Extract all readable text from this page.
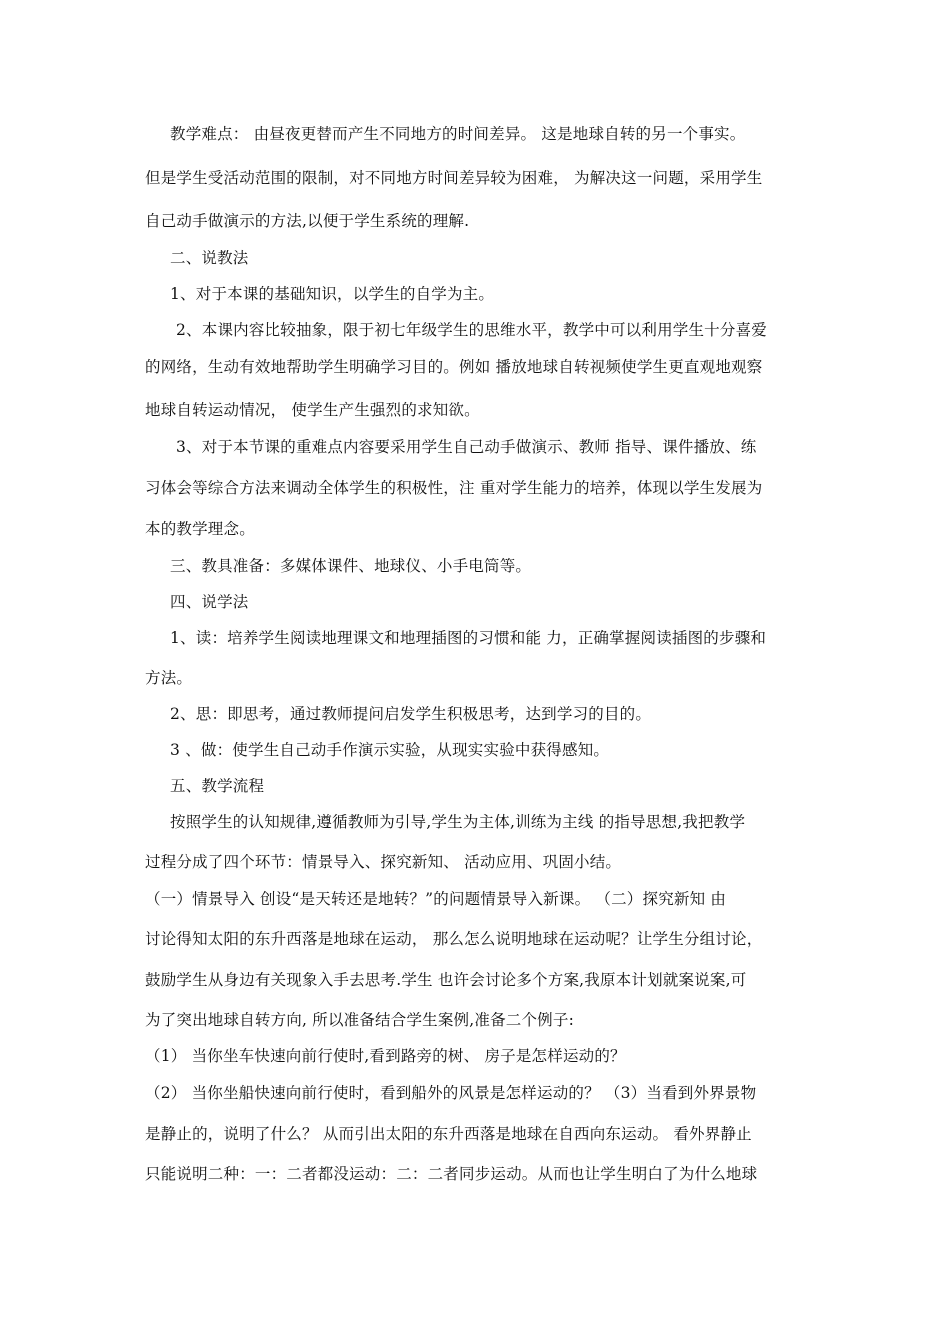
教学难点： 由昼夜更替而产生不同地方的时间差异。 这是地球自转的另一个事实。
但是学生受活动范围的限制，对不同地方时间差异较为困难， 为解决这一问题，采用学生
自己动手做演示的方法,以便于学生系统的理解.
二、说教法
1、对于本课的基础知识，以学生的自学为主。
2、本课内容比较抽象，限于初七年级学生的思维水平，教学中可以利用学生十分喜爱
的网络，生动有效地帮助学生明确学习目的。例如 播放地球自转视频使学生更直观地观察
地球自转运动情况， 使学生产生强烈的求知欲。
3、对于本节课的重难点内容要采用学生自己动手做演示、教师 指导、课件播放、练
习体会等综合方法来调动全体学生的积极性，注 重对学生能力的培养，体现以学生发展为
本的教学理念。
三、教具准备：多媒体课件、地球仪、小手电筒等。
四、说学法
1、读：培养学生阅读地理课文和地理插图的习惯和能 力，正确掌握阅读插图的步骤和
方法。
2、思：即思考，通过教师提问启发学生积极思考，达到学习的目的。
3 、做：使学生自己动手作演示实验，从现实实验中获得感知。
五、教学流程
按照学生的认知规律,遵循教师为引导,学生为主体,训练为主线 的指导思想,我把教学
过程分成了四个环节：情景导入、探究新知、 活动应用、巩固小结。
（一）情景导入 创设“是天转还是地转？”的问题情景导入新课。 （二）探究新知 由
讨论得知太阳的东升西落是地球在运动， 那么怎么说明地球在运动呢？让学生分组讨论，
鼓励学生从身边有关现象入手去思考.学生 也许会讨论多个方案,我原本计划就案说案,可
为了突出地球自转方向, 所以准备结合学生案例,准备二个例子:
（1） 当你坐车快速向前行使时,看到路旁的树、 房子是怎样运动的？
（2） 当你坐船快速向前行使时，看到船外的风景是怎样运动的？ （3）当看到外界景物
是静止的，说明了什么？ 从而引出太阳的东升西落是地球在自西向东运动。 看外界静止
只能说明二种：一：二者都没运动：二：二者同步运动。从而也让学生明白了为什么地球
